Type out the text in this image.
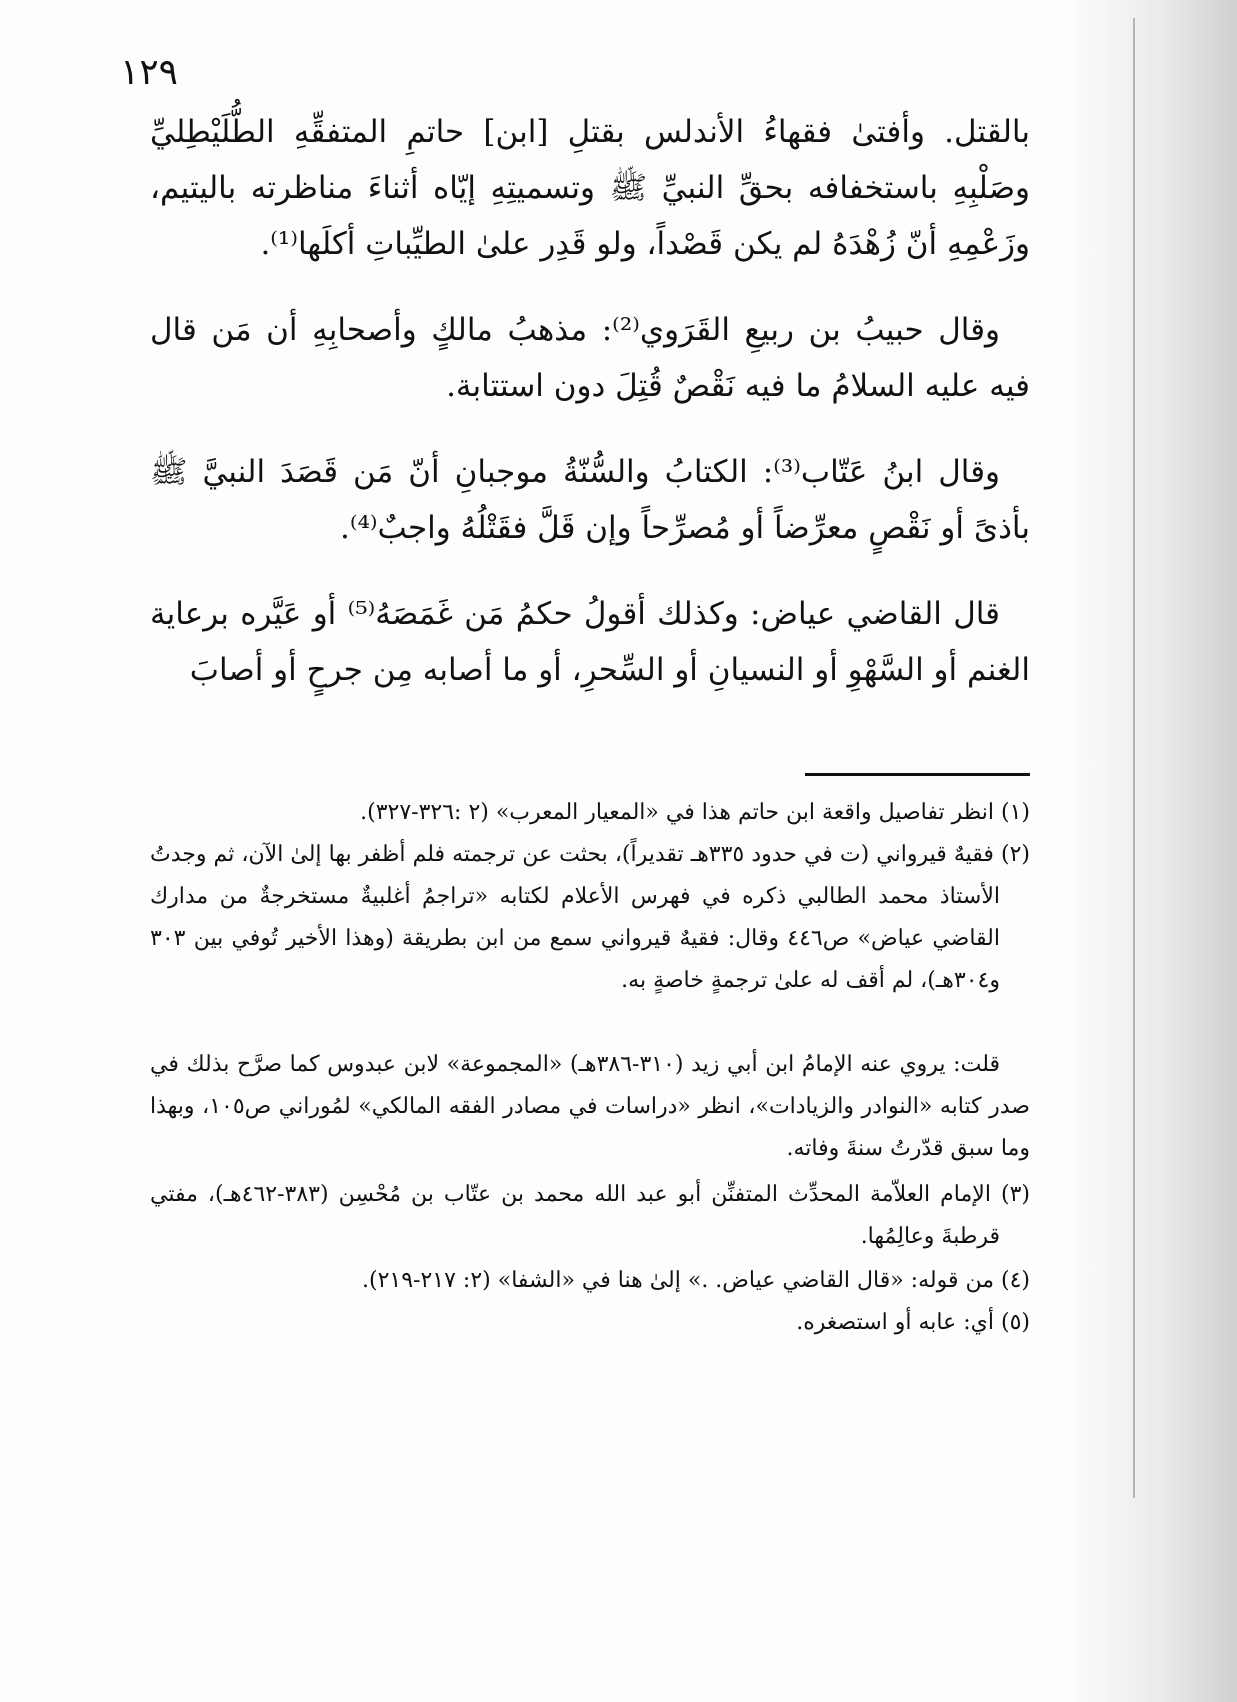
١٢٩

بالقتل. وأفتىٰ فقهاءُ الأندلس بقتلِ [ابن] حاتمِ المتفقِّهِ الطُّلَيْطِليِّ وصَلْبِهِ باستخفافه بحقِّ النبيِّ ﷺ وتسميتِهِ إيّاه أثناءَ مناظرته باليتيم، وزَعْمِهِ أنّ زُهْدَهُ لم يكن قَصْداً، ولو قَدِر علىٰ الطيِّباتِ أكلَها⁽¹⁾.

وقال حبيبُ بن ربيعِ القَرَوي⁽²⁾: مذهبُ مالكٍ وأصحابِهِ أن مَن قال فيه عليه السلامُ ما فيه نَقْصٌ قُتِلَ دون استتابة.

وقال ابنُ عَتّاب⁽³⁾: الكتابُ والسُّنّةُ موجبانِ أنّ مَن قَصَدَ النبيَّ ﷺ بأذىً أو نَقْصٍ معرِّضاً أو مُصرِّحاً وإن قَلَّ فقَتْلُهُ واجبٌ⁽⁴⁾.

قال القاضي عياض: وكذلك أقولُ حكمُ مَن غَمَصَهُ⁽⁵⁾ أو عَيَّره برعاية الغنم أو السَّهْوِ أو النسيانِ أو السِّحرِ، أو ما أصابه مِن جرحٍ أو أصابَ

(١) انظر تفاصيل واقعة ابن حاتم هذا في «المعيار المعرب» (٢ :٣٢٦-٣٢٧).

(٢) فقيهٌ قيرواني (ت في حدود ٣٣٥هـ تقديراً)، بحثت عن ترجمته فلم أظفر بها إلىٰ الآن، ثم وجدتُ الأستاذ محمد الطالبي ذكره في فهرس الأعلام لكتابه «تراجمُ أغلبيةٌ مستخرجةٌ من مدارك القاضي عياض» ص٤٤٦ وقال: فقيهٌ قيرواني سمع من ابن بطريقة (وهذا الأخير تُوفي بين ٣٠٣ و٣٠٤هـ)، لم أقف له علىٰ ترجمةٍ خاصةٍ به.

قلت: يروي عنه الإمامُ ابن أبي زيد (٣١٠-٣٨٦هـ) «المجموعة» لابن عبدوس كما صرَّح بذلك في صدر كتابه «النوادر والزيادات»، انظر «دراسات في مصادر الفقه المالكي» لمُوراني ص١٠٥، وبهذا وما سبق قدّرتُ سنةَ وفاته.

(٣) الإمام العلاّمة المحدِّث المتفنِّن أبو عبد الله محمد بن عتّاب بن مُحْسِن (٣٨٣-٤٦٢هـ)، مفتي قرطبةَ وعالِمُها.

(٤) من قوله: «قال القاضي عياض. .» إلىٰ هنا في «الشفا» (٢: ٢١٧-٢١٩).

(٥) أي: عابه أو استصغره.
